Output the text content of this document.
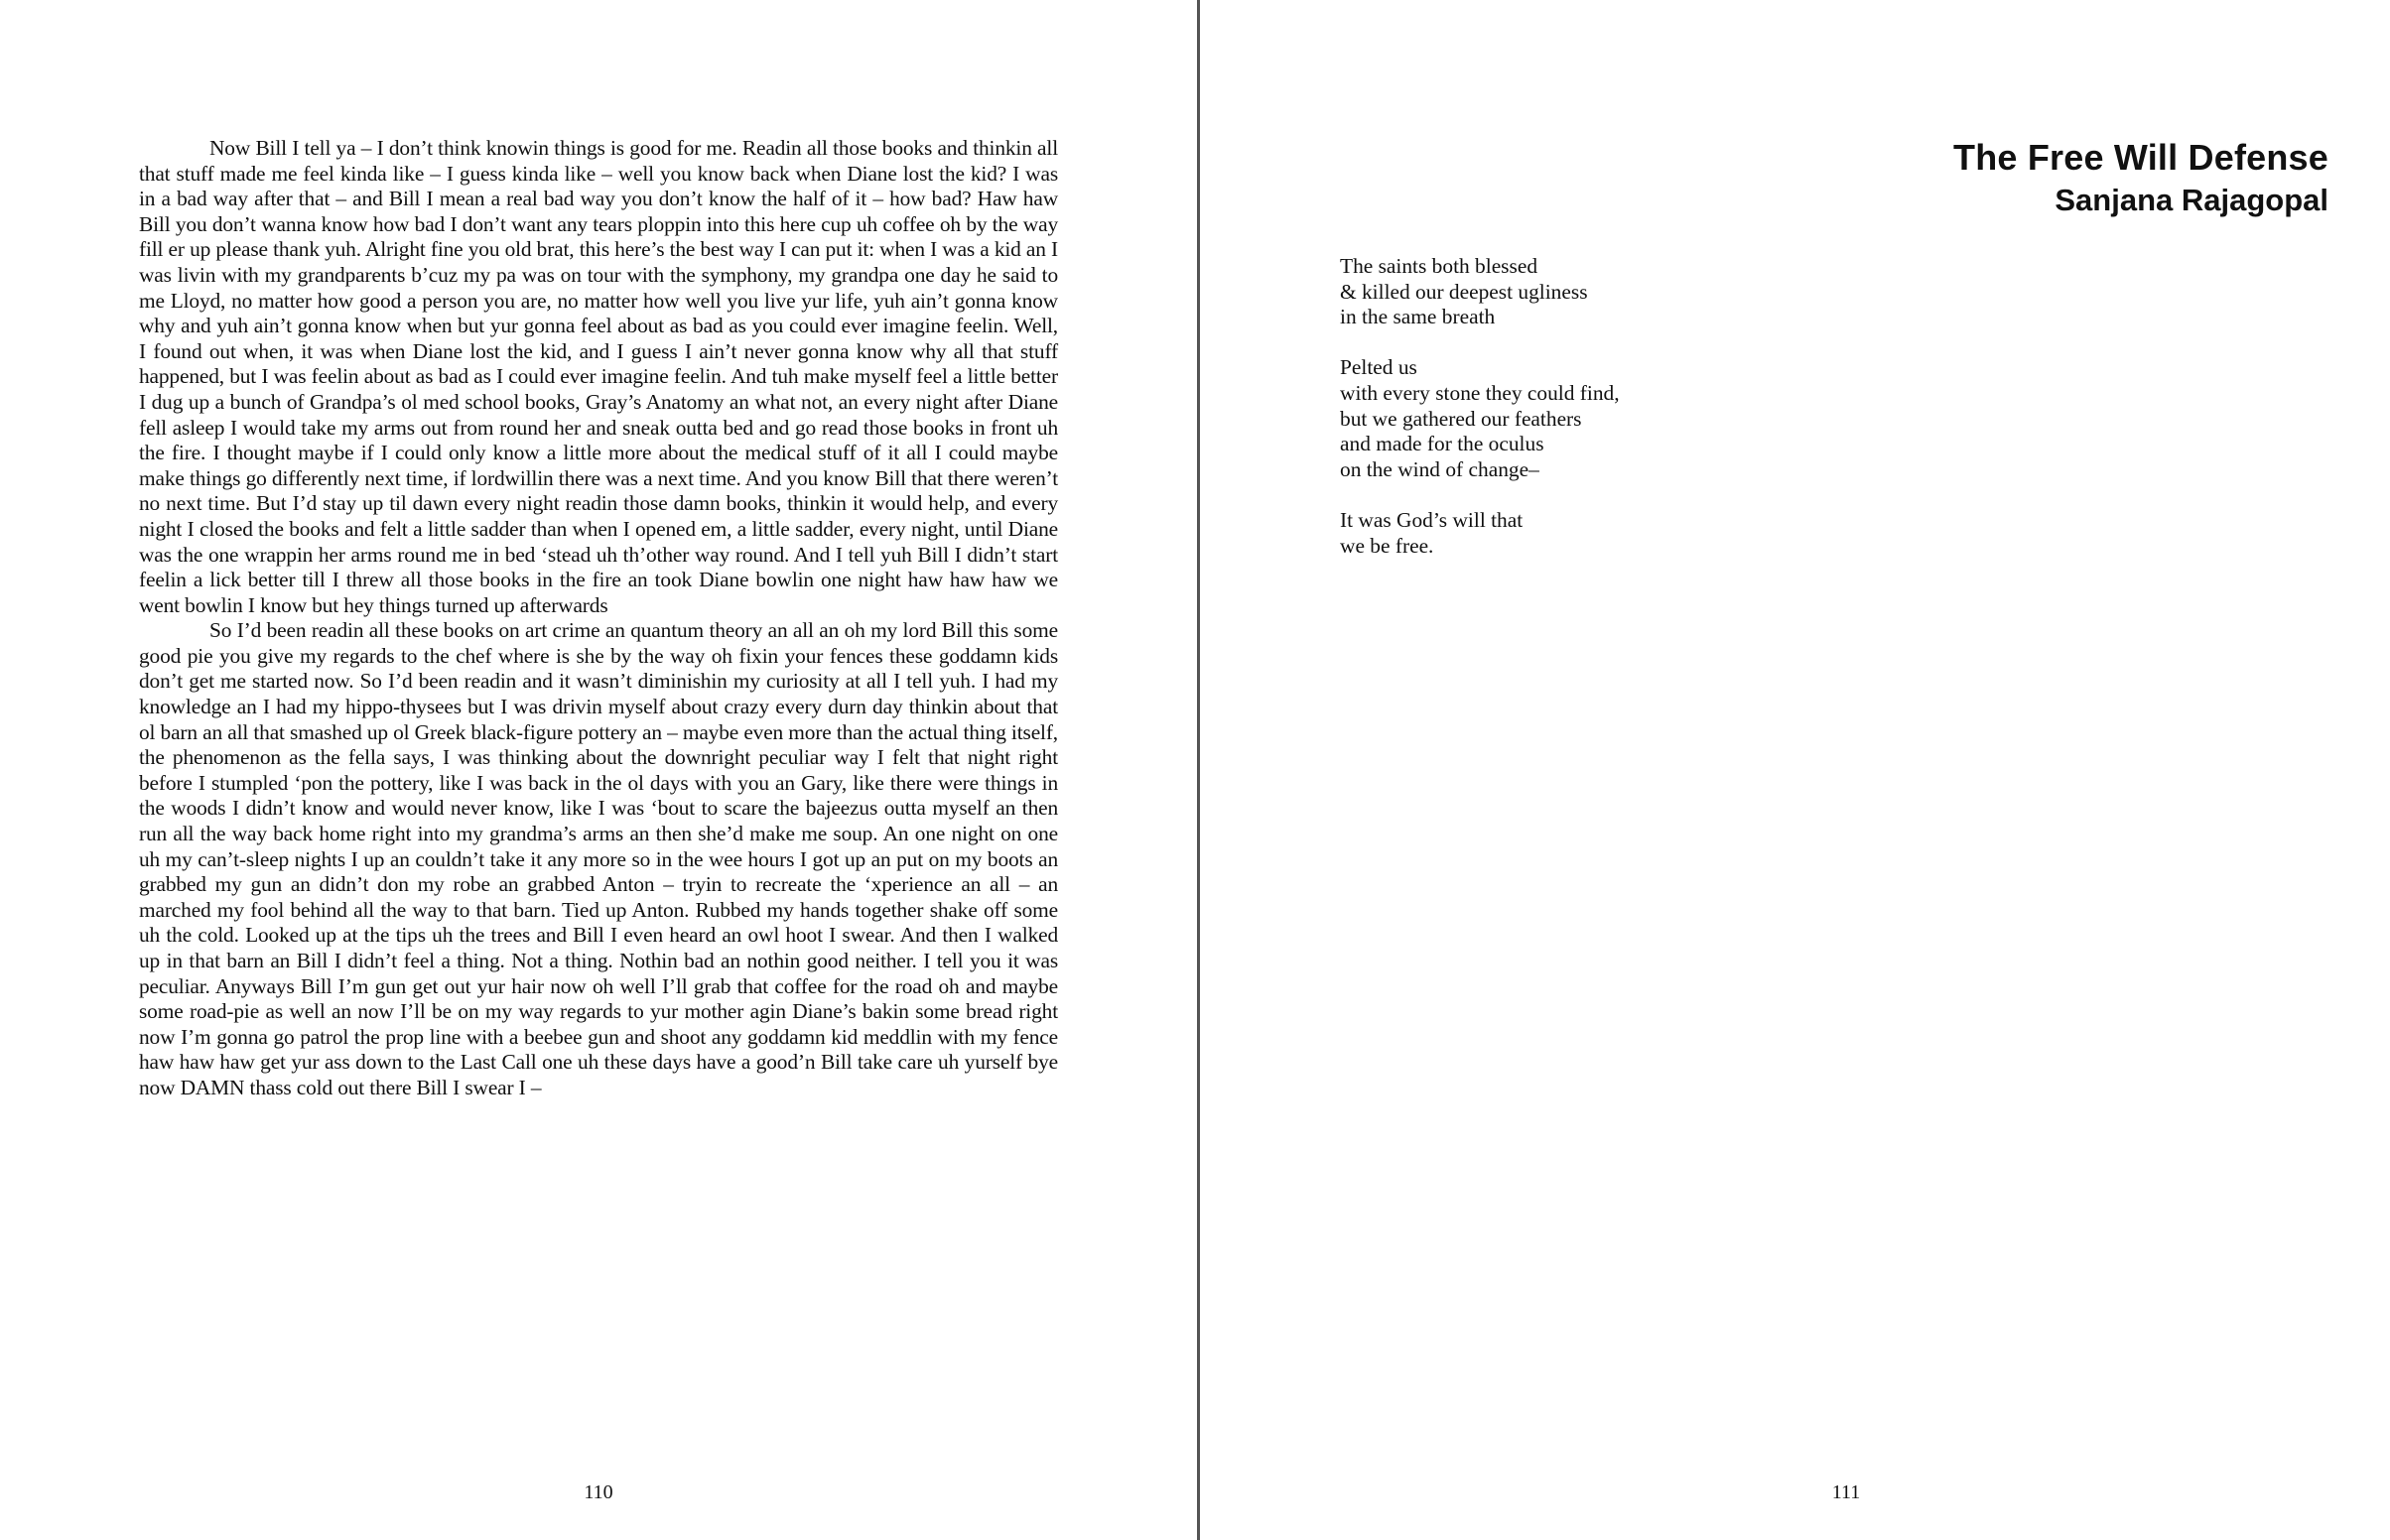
Now Bill I tell ya – I don’t think knowin things is good for me. Readin all those books and thinkin all that stuff made me feel kinda like – I guess kinda like – well you know back when Diane lost the kid? I was in a bad way after that – and Bill I mean a real bad way you don’t know the half of it – how bad? Haw haw Bill you don’t wanna know how bad I don’t want any tears ploppin into this here cup uh coffee oh by the way fill er up please thank yuh. Alright fine you old brat, this here’s the best way I can put it: when I was a kid an I was livin with my grandparents b’cuz my pa was on tour with the symphony, my grandpa one day he said to me Lloyd, no matter how good a person you are, no matter how well you live yur life, yuh ain’t gonna know why and yuh ain’t gonna know when but yur gonna feel about as bad as you could ever imagine feelin. Well, I found out when, it was when Diane lost the kid, and I guess I ain’t never gonna know why all that stuff happened, but I was feelin about as bad as I could ever imagine feelin. And tuh make myself feel a little better I dug up a bunch of Grandpa’s ol med school books, Gray’s Anatomy an what not, an every night after Diane fell asleep I would take my arms out from round her and sneak outta bed and go read those books in front uh the fire. I thought maybe if I could only know a little more about the medical stuff of it all I could maybe make things go differently next time, if lordwillin there was a next time. And you know Bill that there weren’t no next time. But I’d stay up til dawn every night readin those damn books, thinkin it would help, and every night I closed the books and felt a little sadder than when I opened em, a little sadder, every night, until Diane was the one wrappin her arms round me in bed ‘stead uh th’other way round. And I tell yuh Bill I didn’t start feelin a lick better till I threw all those books in the fire an took Diane bowlin one night haw haw haw we went bowlin I know but hey things turned up afterwards

So I’d been readin all these books on art crime an quantum theory an all an oh my lord Bill this some good pie you give my regards to the chef where is she by the way oh fixin your fences these goddamn kids don’t get me started now. So I’d been readin and it wasn’t diminishin my curiosity at all I tell yuh. I had my knowledge an I had my hippo-thysees but I was drivin myself about crazy every durn day thinkin about that ol barn an all that smashed up ol Greek black-figure pottery an – maybe even more than the actual thing itself, the phenomenon as the fella says, I was thinking about the downright peculiar way I felt that night right before I stumpled ‘pon the pottery, like I was back in the ol days with you an Gary, like there were things in the woods I didn’t know and would never know, like I was ‘bout to scare the bajeezus outta myself an then run all the way back home right into my grandma’s arms an then she’d make me soup. An one night on one uh my can’t-sleep nights I up an couldn’t take it any more so in the wee hours I got up an put on my boots an grabbed my gun an didn’t don my robe an grabbed Anton – tryin to recreate the ‘xperience an all – an marched my fool behind all the way to that barn. Tied up Anton. Rubbed my hands together shake off some uh the cold. Looked up at the tips uh the trees and Bill I even heard an owl hoot I swear. And then I walked up in that barn an Bill I didn’t feel a thing. Not a thing. Nothin bad an nothin good neither. I tell you it was peculiar. Anyways Bill I’m gun get out yur hair now oh well I’ll grab that coffee for the road oh and maybe some road-pie as well an now I’ll be on my way regards to yur mother agin Diane’s bakin some bread right now I’m gonna go patrol the prop line with a beebee gun and shoot any goddamn kid meddlin with my fence haw haw haw get yur ass down to the Last Call one uh these days have a good’n Bill take care uh yurself bye now DAMN thass cold out there Bill I swear I –

110
The Free Will Defense
Sanjana Rajagopal
The saints both blessed
& killed our deepest ugliness
in the same breath
Pelted us
with every stone they could find,
but we gathered our feathers
and made for the oculus
on the wind of change–
It was God’s will that
we be free.
111
